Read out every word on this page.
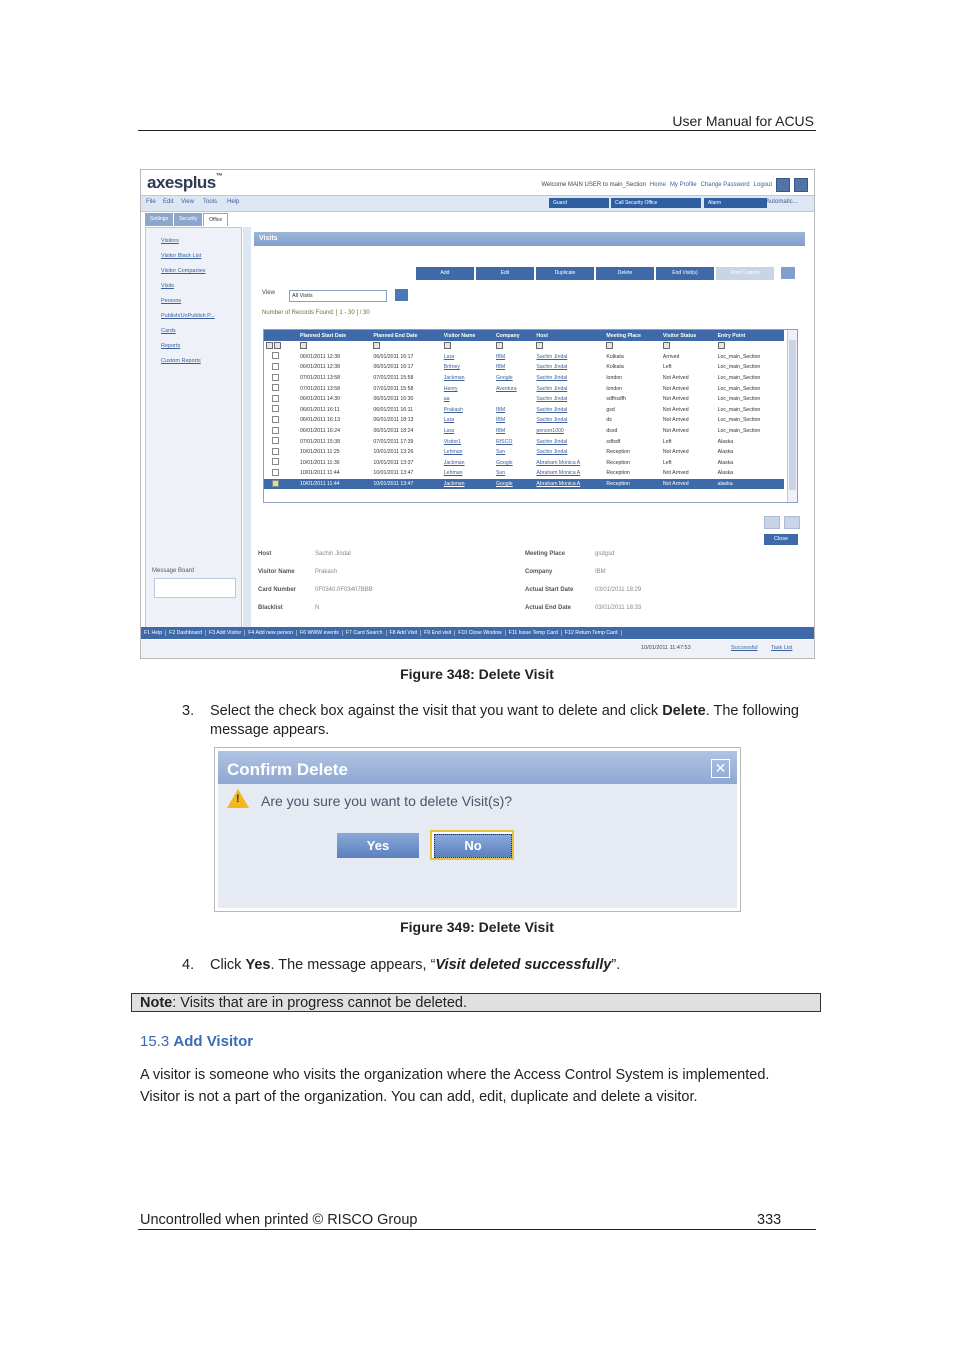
User Manual for ACUS
axesplus™
Welcome MAIN USER to main_Section Home My Profile Change Password Logout
File Edit View Tools Help	Guard	Call Security Office	Alarm	Automatic...
Settings	Security	Office
Visitors
Visitor Black List
Visitor Companies
Visits
Persons
Publish/UnPublish P...
Cards
Reports
Custom Reports
Message Board
Visits
Add	Edit	Duplicate	Delete	End Visit(s)	Print Custom
View	All Visits
Number of Records Found: [ 1 - 30 ] / 30
	Planned Start Date	Planned End Date	Visitor Name	Company	Host	Meeting Place	Visitor Status	Entry Point

	06/01/2011 12:38	06/01/2011 16:17	Lara	IBM	Sachin Jindal	Kolkata	Arrived	Loc_main_Section
	06/01/2011 12:38	06/01/2011 16:17	Britney	IBM	Sachin Jindal	Kolkata	Left	Loc_main_Section
	07/01/2011 13:58	07/01/2011 15:58	Jackman	Google	Sachin Jindal	london	Not Arrived	Loc_main_Section
	07/01/2011 13:58	07/01/2011 15:58	Henry	Aventura	Sachin Jindal	london	Not Arrived	Loc_main_Section
	06/01/2011 14:30	06/01/2011 16:30	aa		Sachin Jindal	sdfhsdfh	Not Arrived	Loc_main_Section
	06/01/2011 16:11	06/01/2011 16:11	Prakash	IBM	Sachin Jindal	gsd	Not Arrived	Loc_main_Section
	06/01/2011 16:13	06/01/2011 18:13	Lara	IBM	Sachin Jindal	ds	Not Arrived	Loc_main_Section
	06/01/2011 16:24	06/01/2011 18:24	Lara	IBM	person1000	dssd	Not Arrived	Loc_main_Section
	07/01/2011 15:38	07/01/2011 17:39	Visitor1	RISCO	Sachin Jindal	sdfsdf	Left	Alaska
	10/01/2011 11:25	10/01/2011 13:26	Lehman	Sun	Sachin Jindal	Reception	Not Arrived	Alaska
	10/01/2011 11:36	10/01/2011 13:37	Jackman	Google	Abraham Monica A	Reception	Left	Alaska
	10/01/2011 11:44	10/01/2011 13:47	Lehman	Sun	Abraham Monica A	Reception	Not Arrived	Alaska
	10/01/2011 11:44	10/01/2011 13:47	Jackman	Google	Abraham Monica A	Reception	Not Arrived	alaska
Close
Host	Sachin Jindal
Visitor Name	Prakash
Card Number	0F0340.0F03407BBB
Blacklist	N
Meeting Place	gsdgsd
Company	IBM
Actual Start Date	03/01/2011 18:29
Actual End Date	03/01/2011 18:33
F1 Help	F2 Dashboard	F3 Add Visitor	F4 Add new person	F6 WWW events	F7 Card Search	F8 Add Visit	F9 End visit	F10 Close Window	F11 Issue Temp Card	F12 Return Temp Card
10/01/2011 11:47:53	Successful Task List
Figure 348: Delete Visit
3. Select the check box against the visit that you want to delete and click Delete. The following message appears.
Confirm Delete	✕
! Are you sure you want to delete Visit(s)?
Yes	No
Figure 349: Delete Visit
4. Click Yes. The message appears, “Visit deleted successfully”.
Note: Visits that are in progress cannot be deleted.
15.3 Add Visitor
A visitor is someone who visits the organization where the Access Control System is implemented. Visitor is not a part of the organization. You can add, edit, duplicate and delete a visitor.
Uncontrolled when printed © RISCO Group	333
